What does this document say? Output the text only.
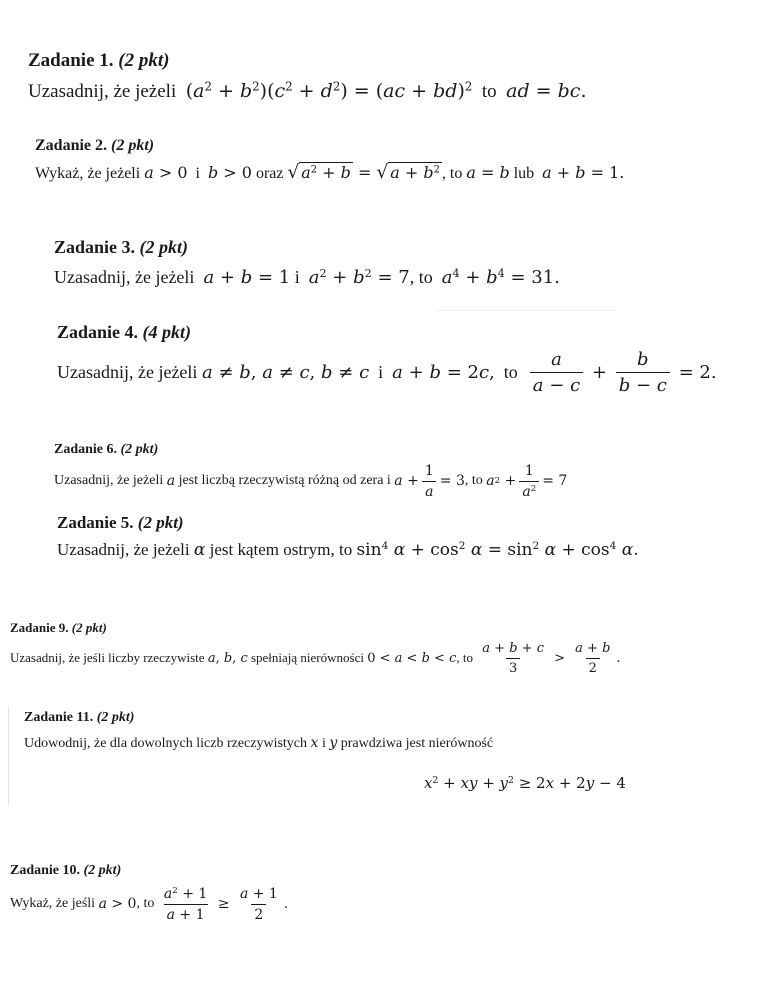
Zadanie 1. (2 pkt)
Uzasadnij, że jeżeli $(a^2 + b^2)(c^2 + d^2) = (ac + bd)^2$ to ad = bc.
Zadanie 2. (2 pkt)
Wykaż, że jeżeli a > 0 i b > 0 oraz √ $a^2 + b$ = √ $a + b^2$ , to a = b lub a + b = 1.
Zadanie 3. (2 pkt)
Uzasadnij, że jeżeli a + b = 1 i $a^2 + b^2 = 7$, to $a^4 + b^4 = 31$.
Zadanie 4. (4 pkt)
Uzasadnij, że jeżeli
a ≠ b, a ≠ c, b ≠ c
i
a + b = 2c,
to
$\frac{a}{a - c} + \frac{b}{b - c} = 2$.
Zadanie 6. (2 pkt)
Uzasadnij, że jeżeli
a
jest liczbą rzeczywistą różną od zera i
$a + \frac{1}{a} = 3$ , to
a $2 + \frac{1}{a^2} = 7$
Zadanie 5. (2 pkt)
Uzasadnij, że jeżeli α jest kątem ostrym, to $\sin^4 \alpha + \cos^2 \alpha = \sin^2 \alpha + \cos^4 \alpha$.
Zadanie 9. (2 pkt)
Uzasadnij, że jeśli liczby rzeczywiste
a, b, c
spełniają nierówności
0 < a < b < c , to
$\frac{a + b + c}{3} > \frac{a + b}{2}$ .
Zadanie 11. (2 pkt)
Udowodnij, że dla dowolnych liczb rzeczywistych x i y prawdziwa jest nierówność
$x^2$ + xy + $y^2 \ge 2x + 2y - 4$
Zadanie 10. (2 pkt)
Wykaż, że jeśli
a > 0 , to
$\frac{a^2 + 1}{a + 1} \ge \frac{a + 1}{2}$ .
